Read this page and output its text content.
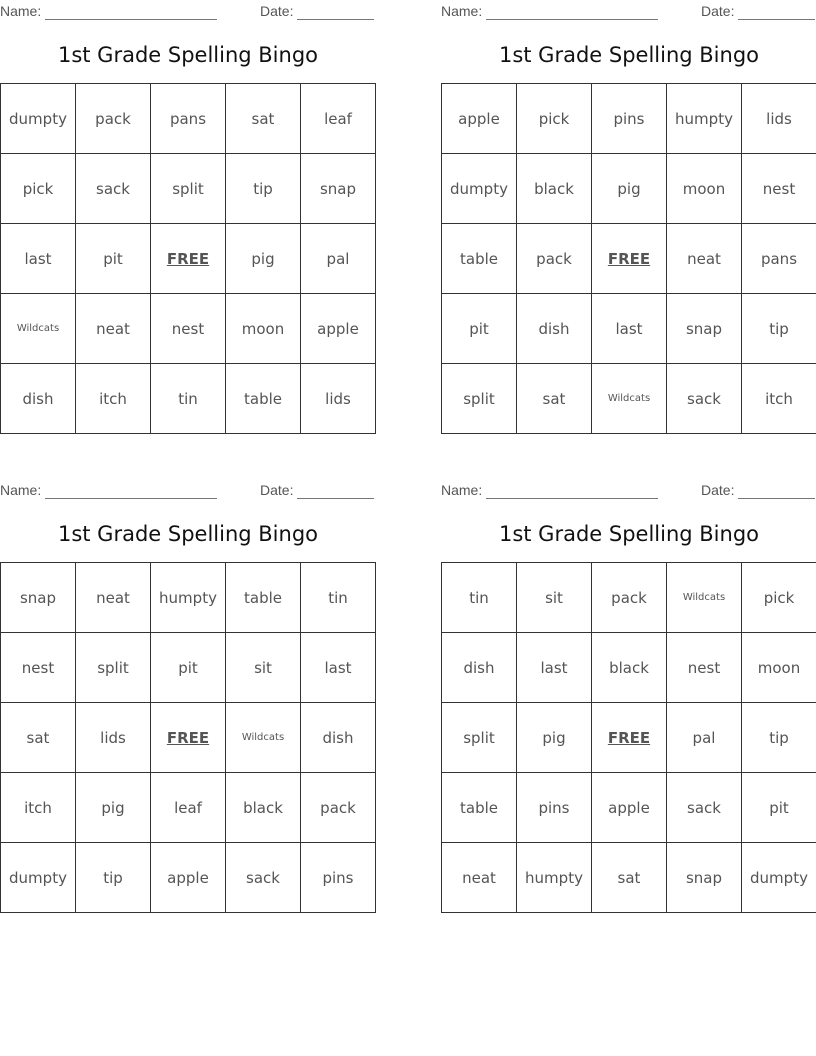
Name:	Date:
1st Grade Spelling Bingo
dumpty	pack	pans	sat	leaf
pick	sack	split	tip	snap
last	pit	FREE	pig	pal
Wildcats	neat	nest	moon	apple
dish	itch	tin	table	lids
Name:	Date:
1st Grade Spelling Bingo
apple	pick	pins	humpty	lids
dumpty	black	pig	moon	nest
table	pack	FREE	neat	pans
pit	dish	last	snap	tip
split	sat	Wildcats	sack	itch
Name:	Date:
1st Grade Spelling Bingo
snap	neat	humpty	table	tin
nest	split	pit	sit	last
sat	lids	FREE	Wildcats	dish
itch	pig	leaf	black	pack
dumpty	tip	apple	sack	pins
Name:	Date:
1st Grade Spelling Bingo
tin	sit	pack	Wildcats	pick
dish	last	black	nest	moon
split	pig	FREE	pal	tip
table	pins	apple	sack	pit
neat	humpty	sat	snap	dumpty
